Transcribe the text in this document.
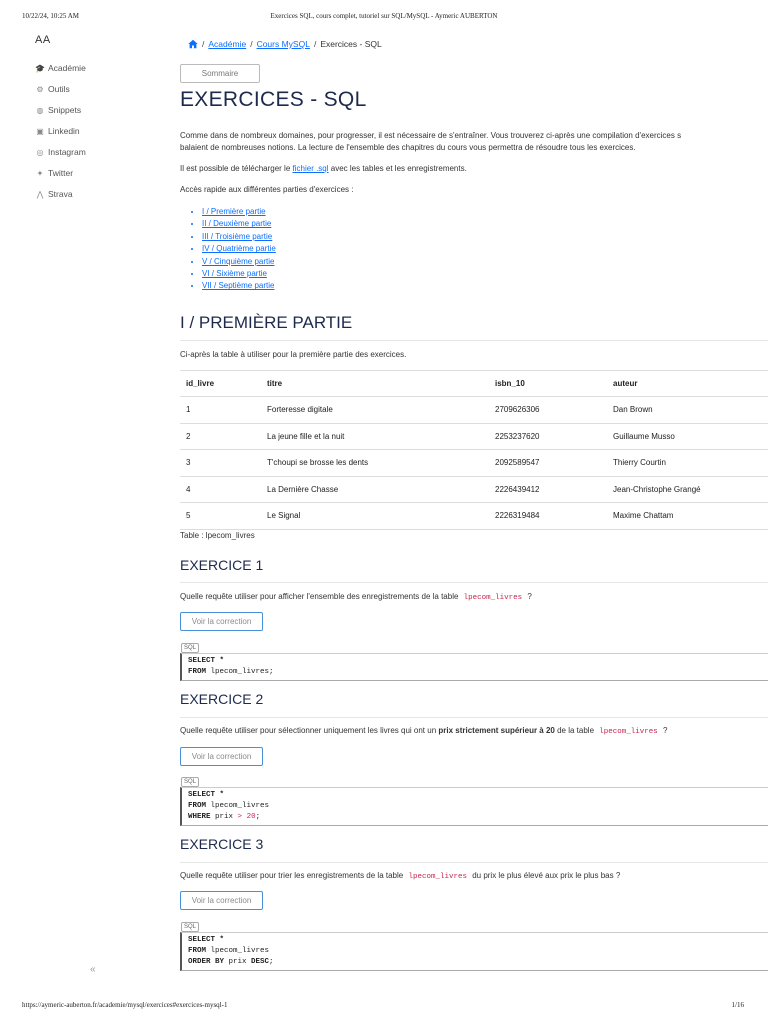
10/22/24, 10:25 AM	Exercices SQL, cours complet, tutoriel sur SQL/MySQL - Aymeric AUBERTON
AA
🎓 Académie
⚙ Outils
◍ Snippets
▣ Linkedin
◎ Instagram
✦ Twitter
⋀ Strava
«
/ Académie / Cours MySQL / Exercices - SQL
Sommaire
EXERCICES - SQL

Comme dans de nombreux domaines, pour progresser, il est nécessaire de s'entraîner. Vous trouverez ci-après une compilation d'exercices s

balaient de nombreuses notions. La lecture de l'ensemble des chapitres du cours vous permettra de résoudre tous les exercices.

Il est possible de télécharger le fichier .sql avec les tables et les enregistrements.

Accès rapide aux différentes parties d'exercices :

• I / Première partie
• II / Deuxième partie
• III / Troisième partie
• IV / Quatrième partie
• V / Cinquième partie
• VI / Sixième partie
• VII / Septième partie
I / PREMIÈRE PARTIE

Ci-après la table à utiliser pour la première partie des exercices.

id_livre	titre	isbn_10	auteur
1	Forteresse digitale	2709626306	Dan Brown
2	La jeune fille et la nuit	2253237620	Guillaume Musso
3	T'choupi se brosse les dents	2092589547	Thierry Courtin
4	La Dernière Chasse	2226439412	Jean-Christophe Grangé
5	Le Signal	2226319484	Maxime Chattam

Table : lpecom_livres

EXERCICE 1

Quelle requête utiliser pour afficher l'ensemble des enregistrements de la table lpecom_livres ?

Voir la correction
SQL
SELECT *
FROM lpecom_livres;
EXERCICE 2

Quelle requête utiliser pour sélectionner uniquement les livres qui ont un prix strictement supérieur à 20 de la table lpecom_livres ?

Voir la correction
SQL
SELECT *
FROM lpecom_livres
WHERE prix > 20;
EXERCICE 3

Quelle requête utiliser pour trier les enregistrements de la table lpecom_livres du prix le plus élevé aux prix le plus bas ?

Voir la correction
SQL
SELECT *
FROM lpecom_livres
ORDER BY prix DESC;
https://aymeric-auberton.fr/academie/mysql/exercices#exercices-mysql-1	1/16
